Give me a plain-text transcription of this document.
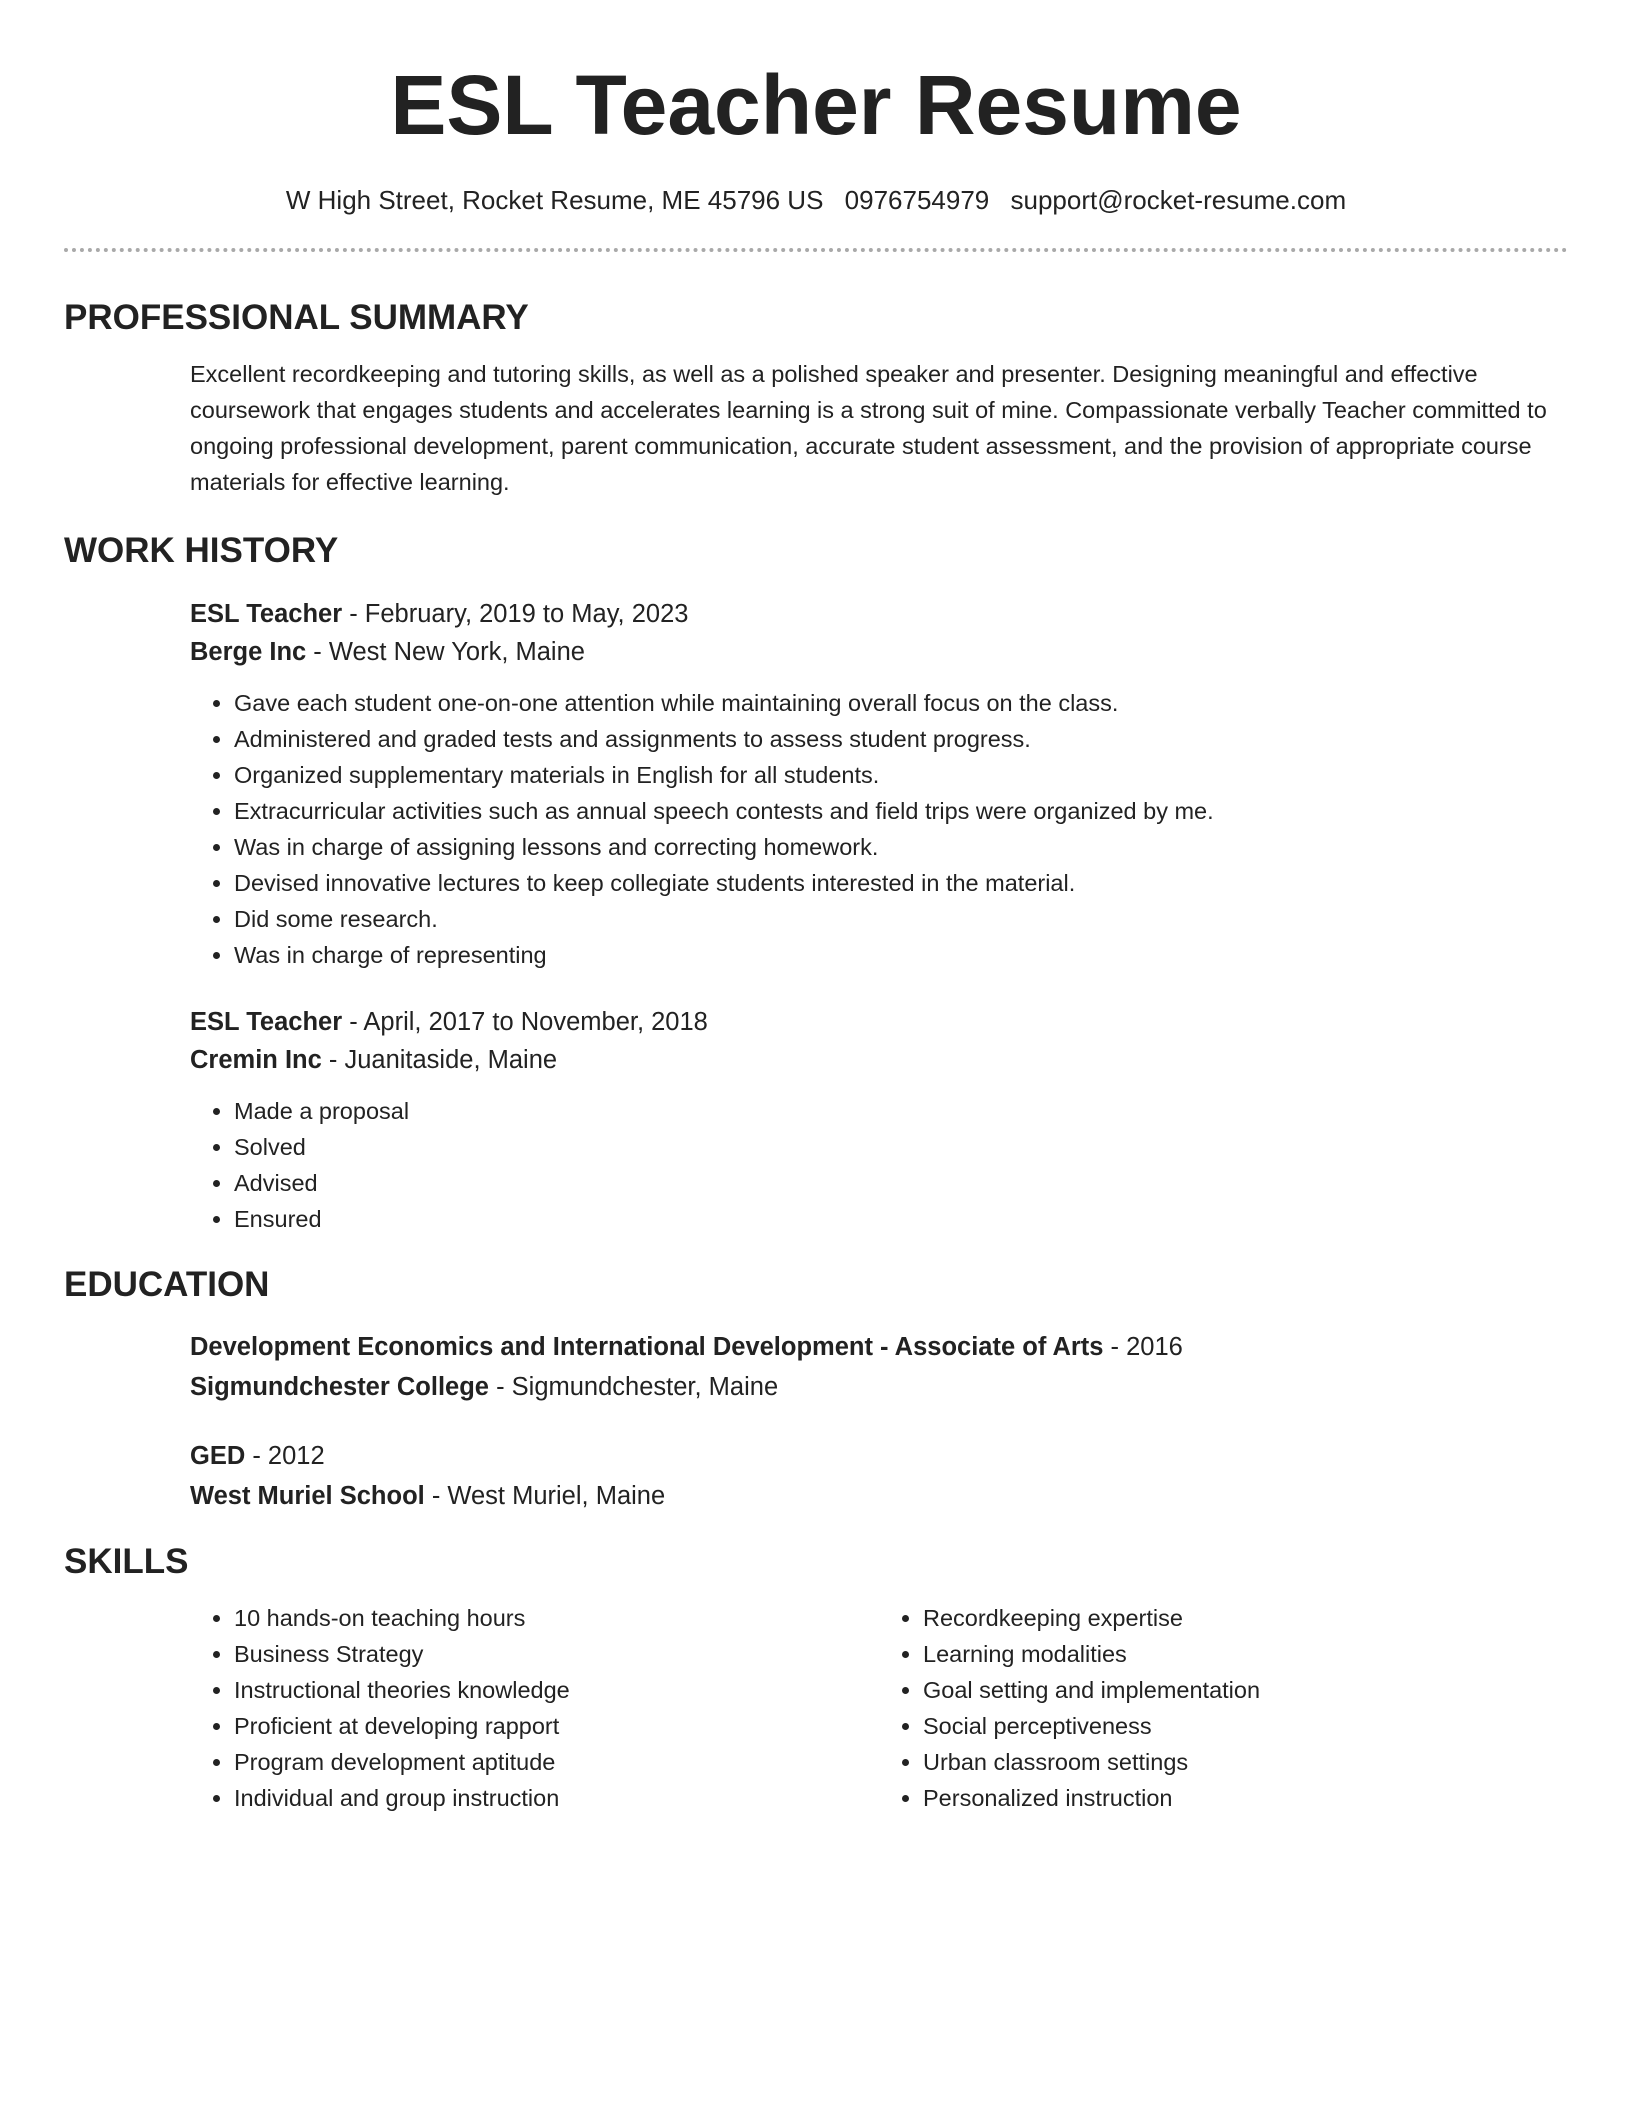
ESL Teacher Resume
W High Street, Rocket Resume, ME 45796 US 0976754979 support@rocket-resume.com
PROFESSIONAL SUMMARY

Excellent recordkeeping and tutoring skills, as well as a polished speaker and presenter. Designing meaningful and effective coursework that engages students and accelerates learning is a strong suit of mine. Compassionate verbally Teacher committed to ongoing professional development, parent communication, accurate student assessment, and the provision of appropriate course materials for effective learning.

WORK HISTORY
ESL Teacher - February, 2019 to May, 2023
Berge Inc - West New York, Maine
• Gave each student one-on-one attention while maintaining overall focus on the class.
• Administered and graded tests and assignments to assess student progress.
• Organized supplementary materials in English for all students.
• Extracurricular activities such as annual speech contests and field trips were organized by me.
• Was in charge of assigning lessons and correcting homework.
• Devised innovative lectures to keep collegiate students interested in the material.
• Did some research.
• Was in charge of representing
ESL Teacher - April, 2017 to November, 2018
Cremin Inc - Juanitaside, Maine
• Made a proposal
• Solved
• Advised
• Ensured
EDUCATION
Development Economics and International Development - Associate of Arts - 2016
Sigmundchester College - Sigmundchester, Maine
GED - 2012
West Muriel School - West Muriel, Maine
SKILLS
• 10 hands-on teaching hours
• Business Strategy
• Instructional theories knowledge
• Proficient at developing rapport
• Program development aptitude
• Individual and group instruction
• Recordkeeping expertise
• Learning modalities
• Goal setting and implementation
• Social perceptiveness
• Urban classroom settings
• Personalized instruction
